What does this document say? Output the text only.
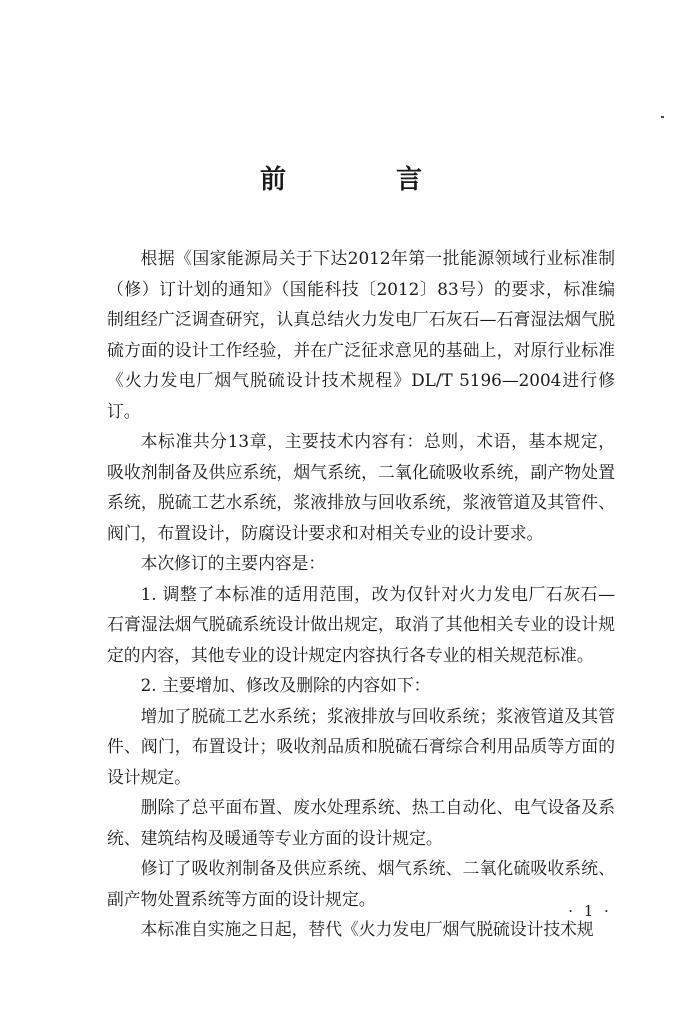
前　言

根据《国家能源局关于下达2012年第一批能源领域行业标准制（修）订计划的通知》（国能科技〔2012〕83号）的要求，标准编制组经广泛调查研究，认真总结火力发电厂石灰石—石膏湿法烟气脱硫方面的设计工作经验，并在广泛征求意见的基础上，对原行业标准《火力发电厂烟气脱硫设计技术规程》DL/T 5196—2004进行修订。

本标准共分13章，主要技术内容有：总则，术语，基本规定，吸收剂制备及供应系统，烟气系统，二氧化硫吸收系统，副产物处置系统，脱硫工艺水系统，浆液排放与回收系统，浆液管道及其管件、阀门，布置设计，防腐设计要求和对相关专业的设计要求。

本次修订的主要内容是：

1. 调整了本标准的适用范围，改为仅针对火力发电厂石灰石—石膏湿法烟气脱硫系统设计做出规定，取消了其他相关专业的设计规定的内容，其他专业的设计规定内容执行各专业的相关规范标准。

2. 主要增加、修改及删除的内容如下：

增加了脱硫工艺水系统；浆液排放与回收系统；浆液管道及其管件、阀门，布置设计；吸收剂品质和脱硫石膏综合利用品质等方面的设计规定。

删除了总平面布置、废水处理系统、热工自动化、电气设备及系统、建筑结构及暖通等专业方面的设计规定。

修订了吸收剂制备及供应系统、烟气系统、二氧化硫吸收系统、副产物处置系统等方面的设计规定。

本标准自实施之日起，替代《火力发电厂烟气脱硫设计技术规

· 1 ·
